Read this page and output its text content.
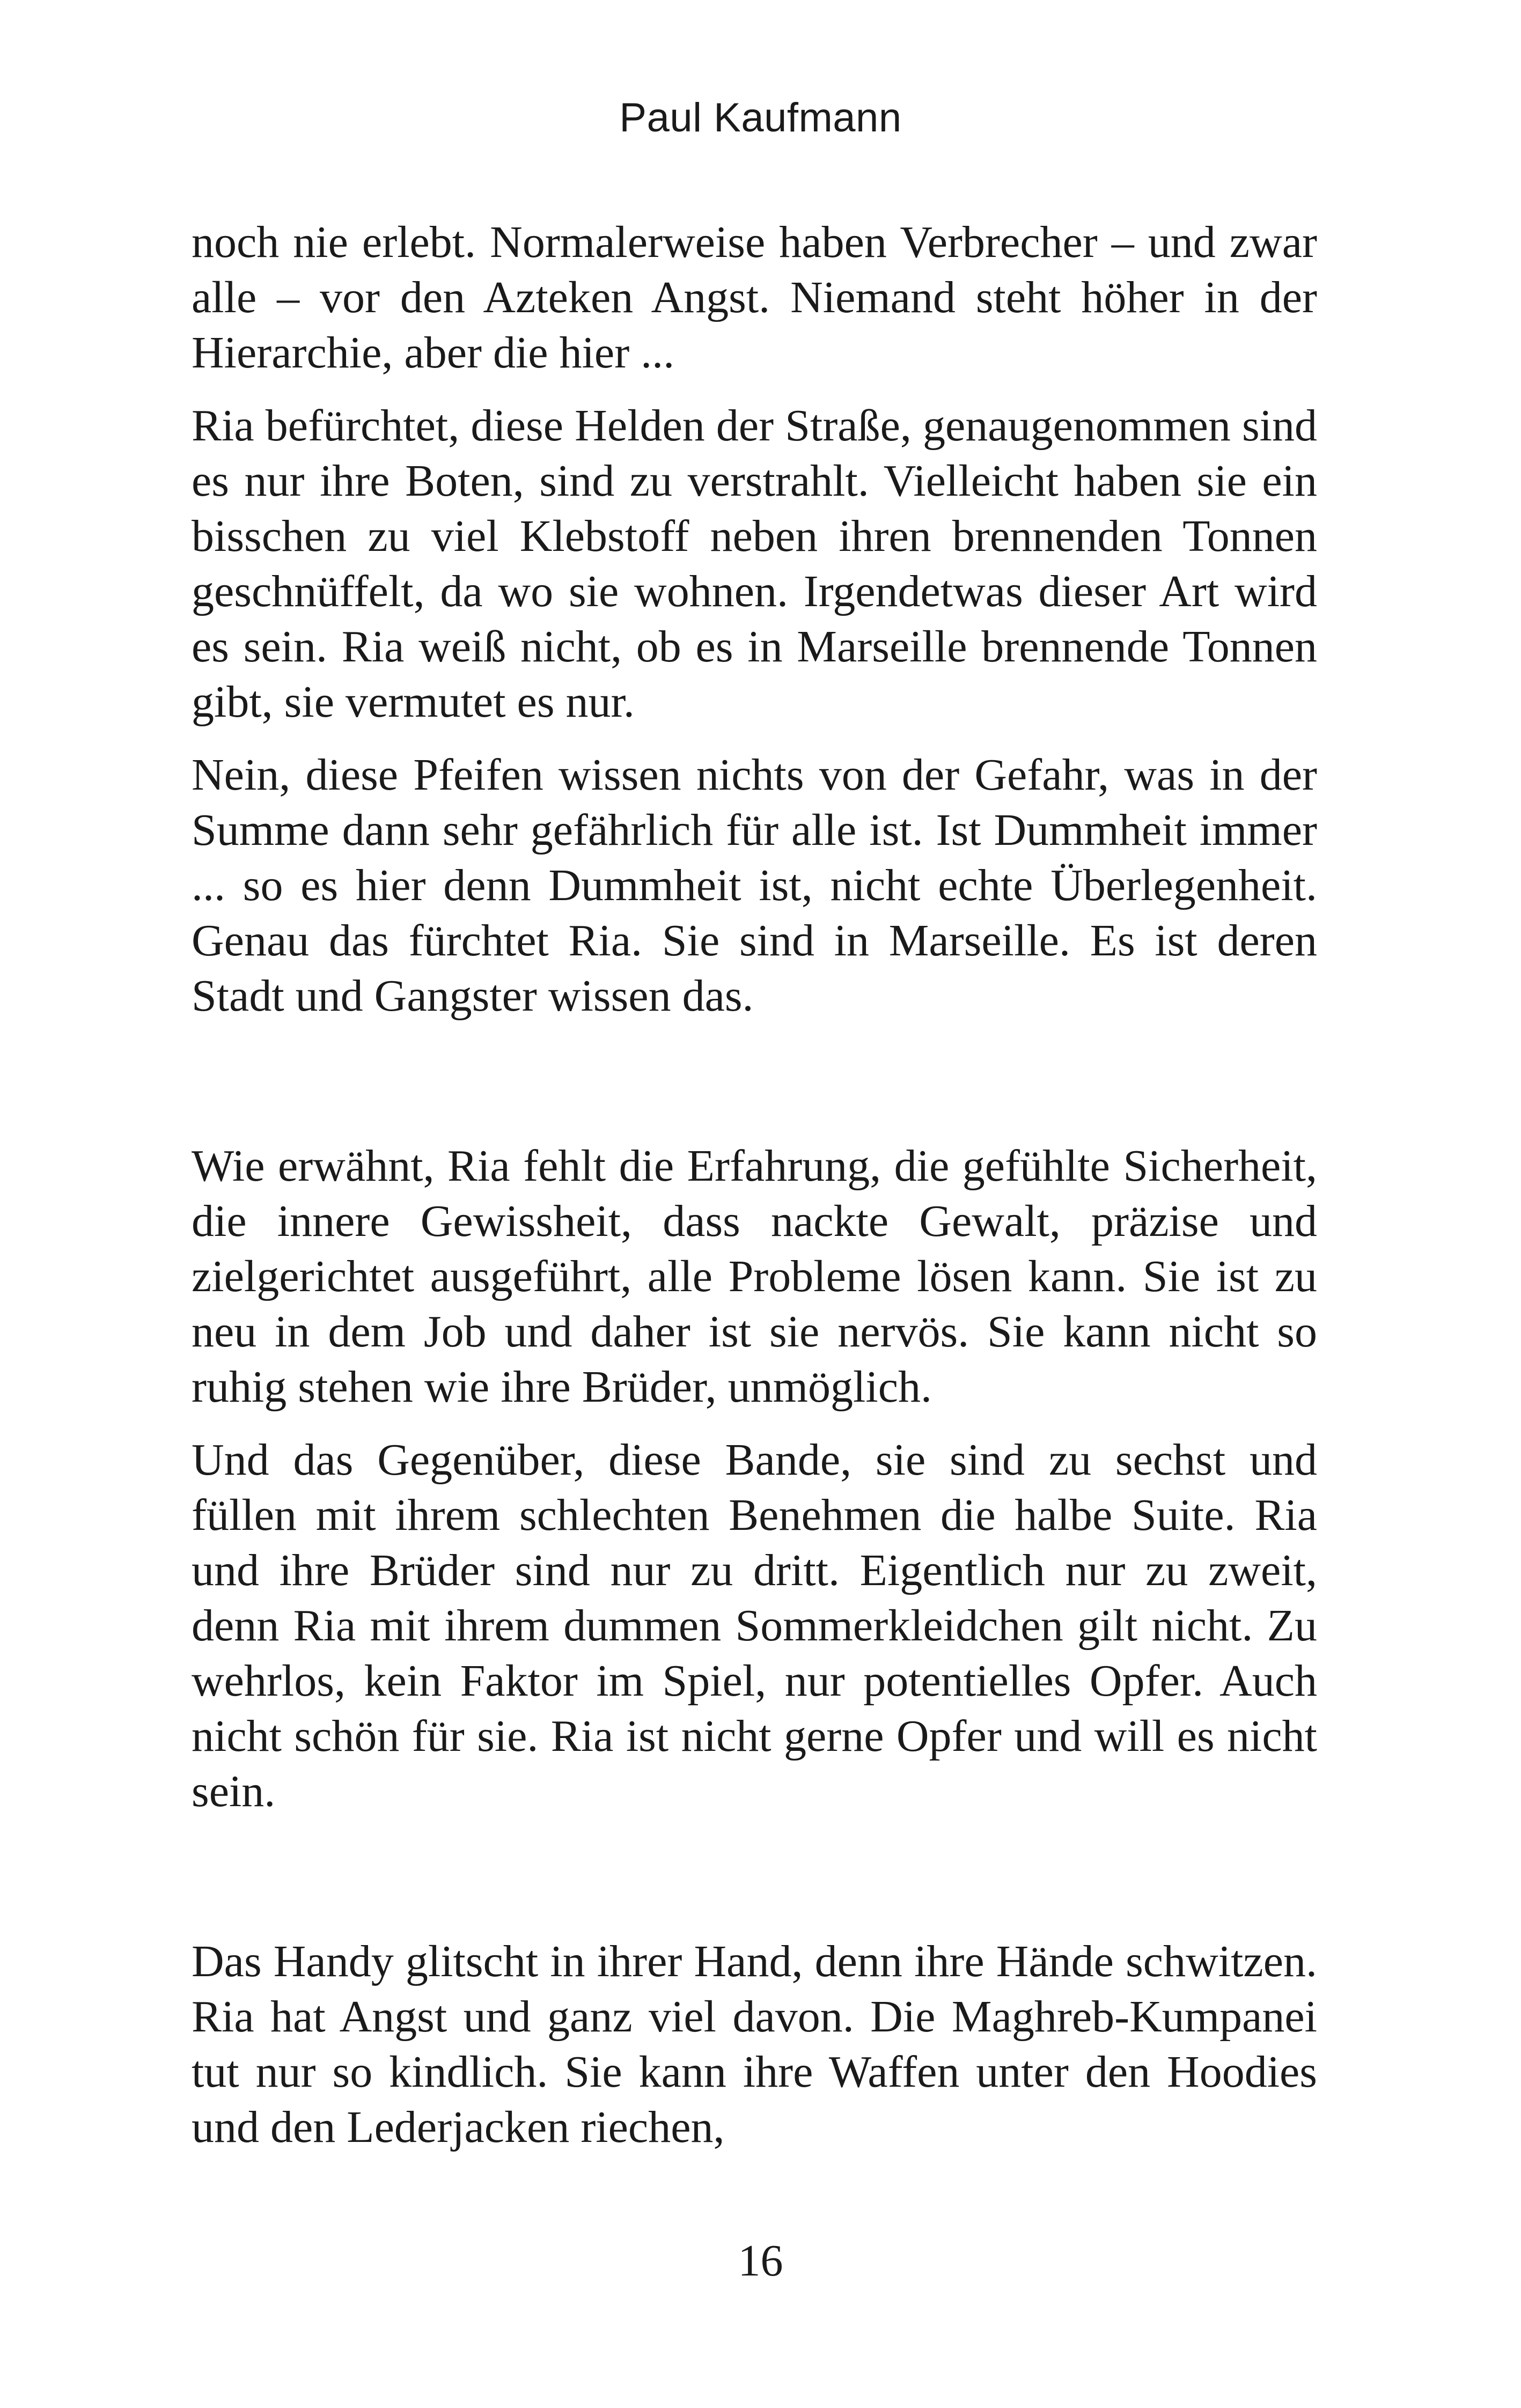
Paul Kaufmann

noch nie erlebt. Normalerweise haben Verbrecher – und zwar alle – vor den Azteken Angst. Niemand steht höher in der Hierarchie, aber die hier ...

Ria befürchtet, diese Helden der Straße, genaugenommen sind es nur ihre Boten, sind zu verstrahlt. Vielleicht haben sie ein bisschen zu viel Klebstoff neben ihren brennenden Tonnen geschnüffelt, da wo sie wohnen. Irgendetwas dieser Art wird es sein. Ria weiß nicht, ob es in Marseille brennende Tonnen gibt, sie vermutet es nur.

Nein, diese Pfeifen wissen nichts von der Gefahr, was in der Summe dann sehr gefährlich für alle ist. Ist Dummheit immer ... so es hier denn Dummheit ist, nicht echte Überlegenheit. Genau das fürchtet Ria. Sie sind in Marseille. Es ist deren Stadt und Gangster wissen das.

Wie erwähnt, Ria fehlt die Erfahrung, die gefühlte Sicherheit, die innere Gewissheit, dass nackte Gewalt, präzise und zielgerichtet ausgeführt, alle Probleme lösen kann. Sie ist zu neu in dem Job und daher ist sie nervös. Sie kann nicht so ruhig stehen wie ihre Brüder, unmöglich.

Und das Gegenüber, diese Bande, sie sind zu sechst und füllen mit ihrem schlechten Benehmen die halbe Suite. Ria und ihre Brüder sind nur zu dritt. Eigentlich nur zu zweit, denn Ria mit ihrem dummen Sommerkleidchen gilt nicht. Zu wehrlos, kein Faktor im Spiel, nur potentielles Opfer. Auch nicht schön für sie. Ria ist nicht gerne Opfer und will es nicht sein.

Das Handy glitscht in ihrer Hand, denn ihre Hände schwitzen. Ria hat Angst und ganz viel davon. Die Maghreb-Kumpanei tut nur so kindlich. Sie kann ihre Waffen unter den Hoodies und den Lederjacken riechen,

16
